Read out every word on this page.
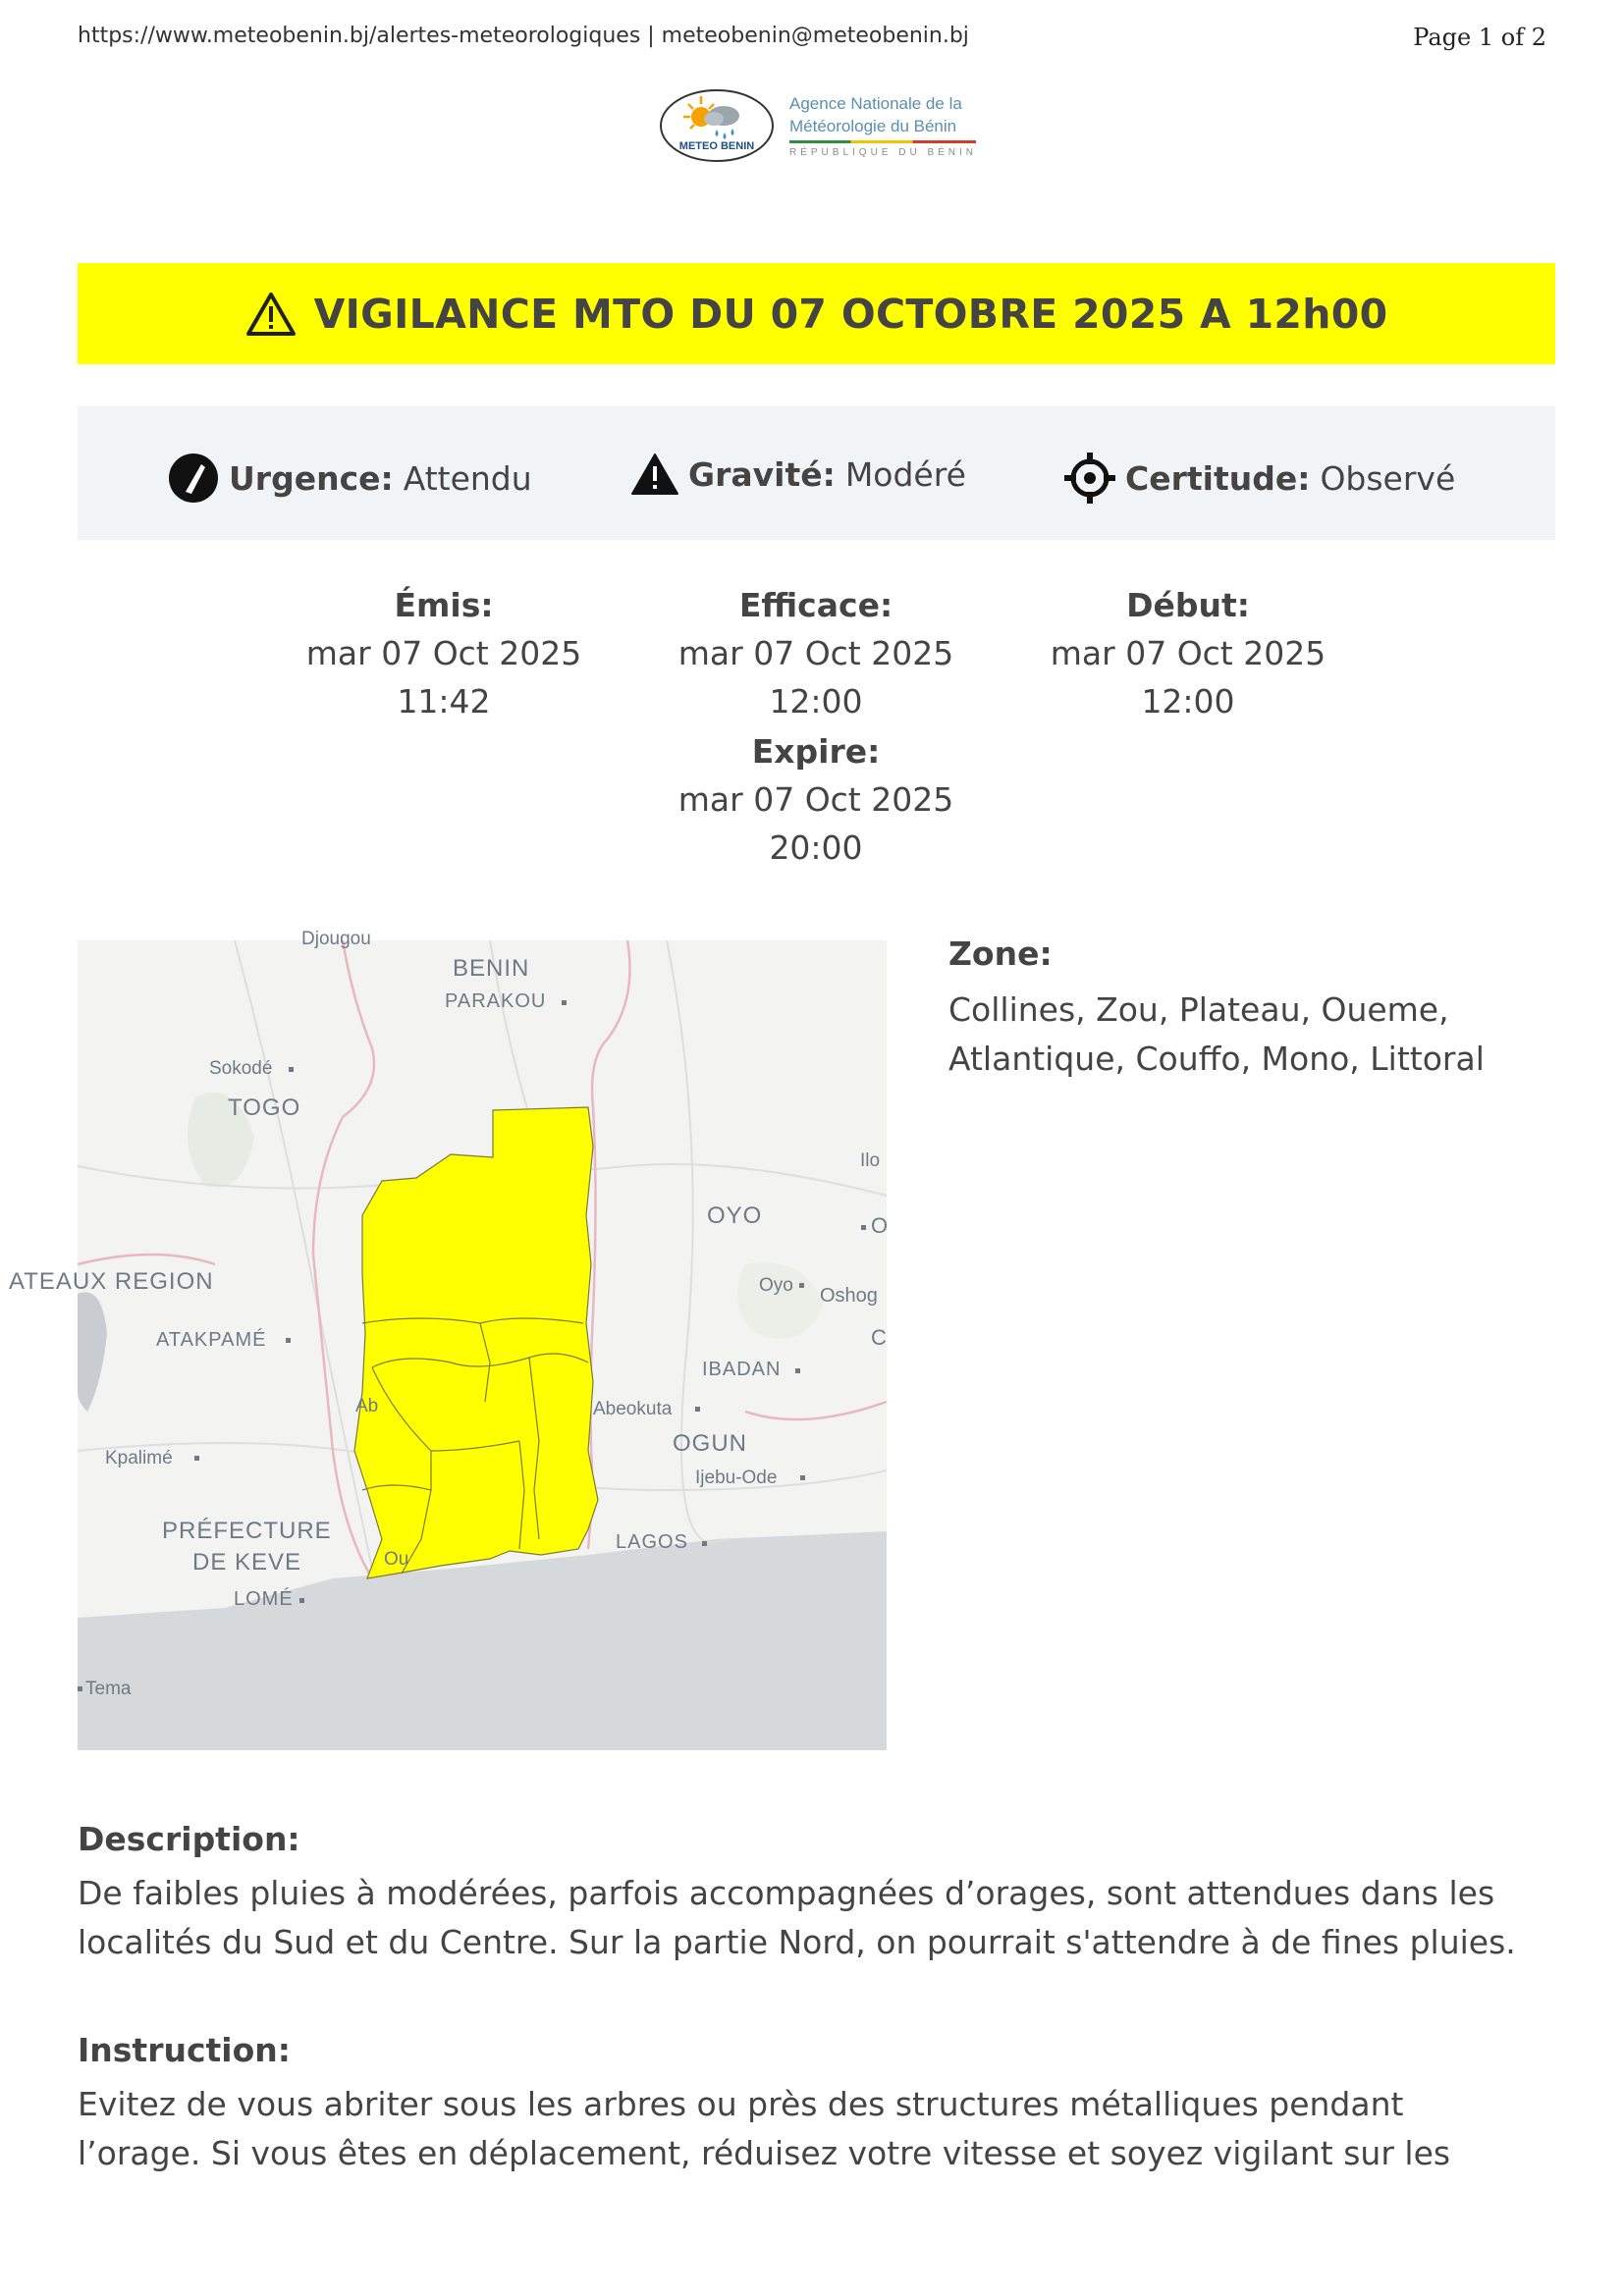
https://www.meteobenin.bj/alertes-meteorologiques | meteobenin@meteobenin.bj	Page 1 of 2
METEO BENIN
Agence Nationale de la
Météorologie du Bénin
RÉPUBLIQUE DU BÉNIN
VIGILANCE MTO DU 07 OCTOBRE 2025 A 12h00
Urgence: Attendu	Gravité: Modéré	Certitude: Observé
Émis:
mar 07 Oct 2025
11:42
Efficace:
mar 07 Oct 2025
12:00
Début:
mar 07 Oct 2025
12:00
Expire:
mar 07 Oct 2025
20:00
Djougou
BENIN
PARAKOU
Sokodé
TOGO
Ilo
OYO	O
Oyo Oshog
ATEAUX REGION
C
ATAKPAMÉ
IBADAN
Ab	Abeokuta
OGUN
Ijebu-Ode
Kpalimé
PRÉFECTURE
DE KEVE	Ou
LAGOS
LOMÉ
Tema
Zone:
Collines, Zou, Plateau, Oueme, Atlantique, Couffo, Mono, Littoral
Description:
De faibles pluies à modérées, parfois accompagnées d’orages, sont attendues dans les localités du Sud et du Centre. Sur la partie Nord, on pourrait s'attendre à de fines pluies.
Instruction:
Evitez de vous abriter sous les arbres ou près des structures métalliques pendant l’orage. Si vous êtes en déplacement, réduisez votre vitesse et soyez vigilant sur les
